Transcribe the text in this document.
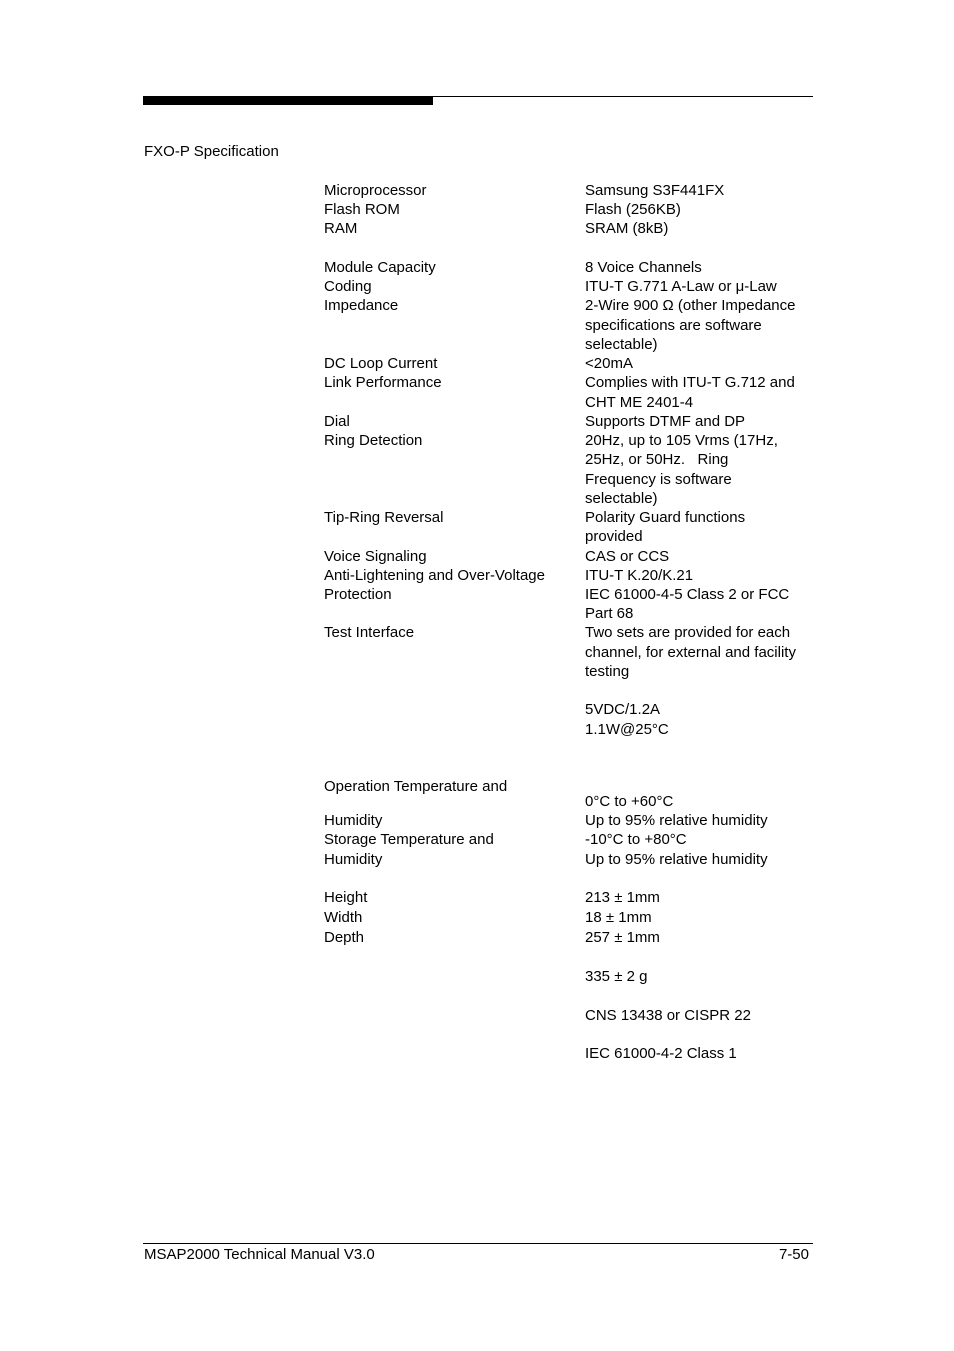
FXO-P Specification
Microprocessor
Flash ROM
RAM
Module Capacity
Coding
Impedance
DC Loop Current
Link Performance
Dial
Ring Detection
Tip-Ring Reversal
Voice Signaling
Anti-Lightening and Over-Voltage
Protection
Test Interface
Operation Temperature and
Humidity
Storage Temperature and
Humidity
Height
Width
Depth
Samsung S3F441FX
Flash (256KB)
SRAM (8kB)
8 Voice Channels
ITU-T G.771 A-Law or μ-Law
2-Wire 900 Ω (other Impedance
specifications are software
selectable)
<20mA
Complies with ITU-T G.712 and
CHT ME 2401-4
Supports DTMF and DP
20Hz, up to 105 Vrms (17Hz,
25Hz, or 50Hz.   Ring
Frequency is software
selectable)
Polarity Guard functions
provided
CAS or CCS
ITU-T K.20/K.21
IEC 61000-4-5 Class 2 or FCC
Part 68
Two sets are provided for each
channel, for external and facility
testing
5VDC/1.2A
1.1W@25°C
0°C to +60°C
Up to 95% relative humidity
-10°C to +80°C
Up to 95% relative humidity
213 ± 1mm
18 ± 1mm
257 ± 1mm
335 ± 2 g
CNS 13438 or CISPR 22
IEC 61000-4-2 Class 1
MSAP2000 Technical Manual V3.0	7-50
